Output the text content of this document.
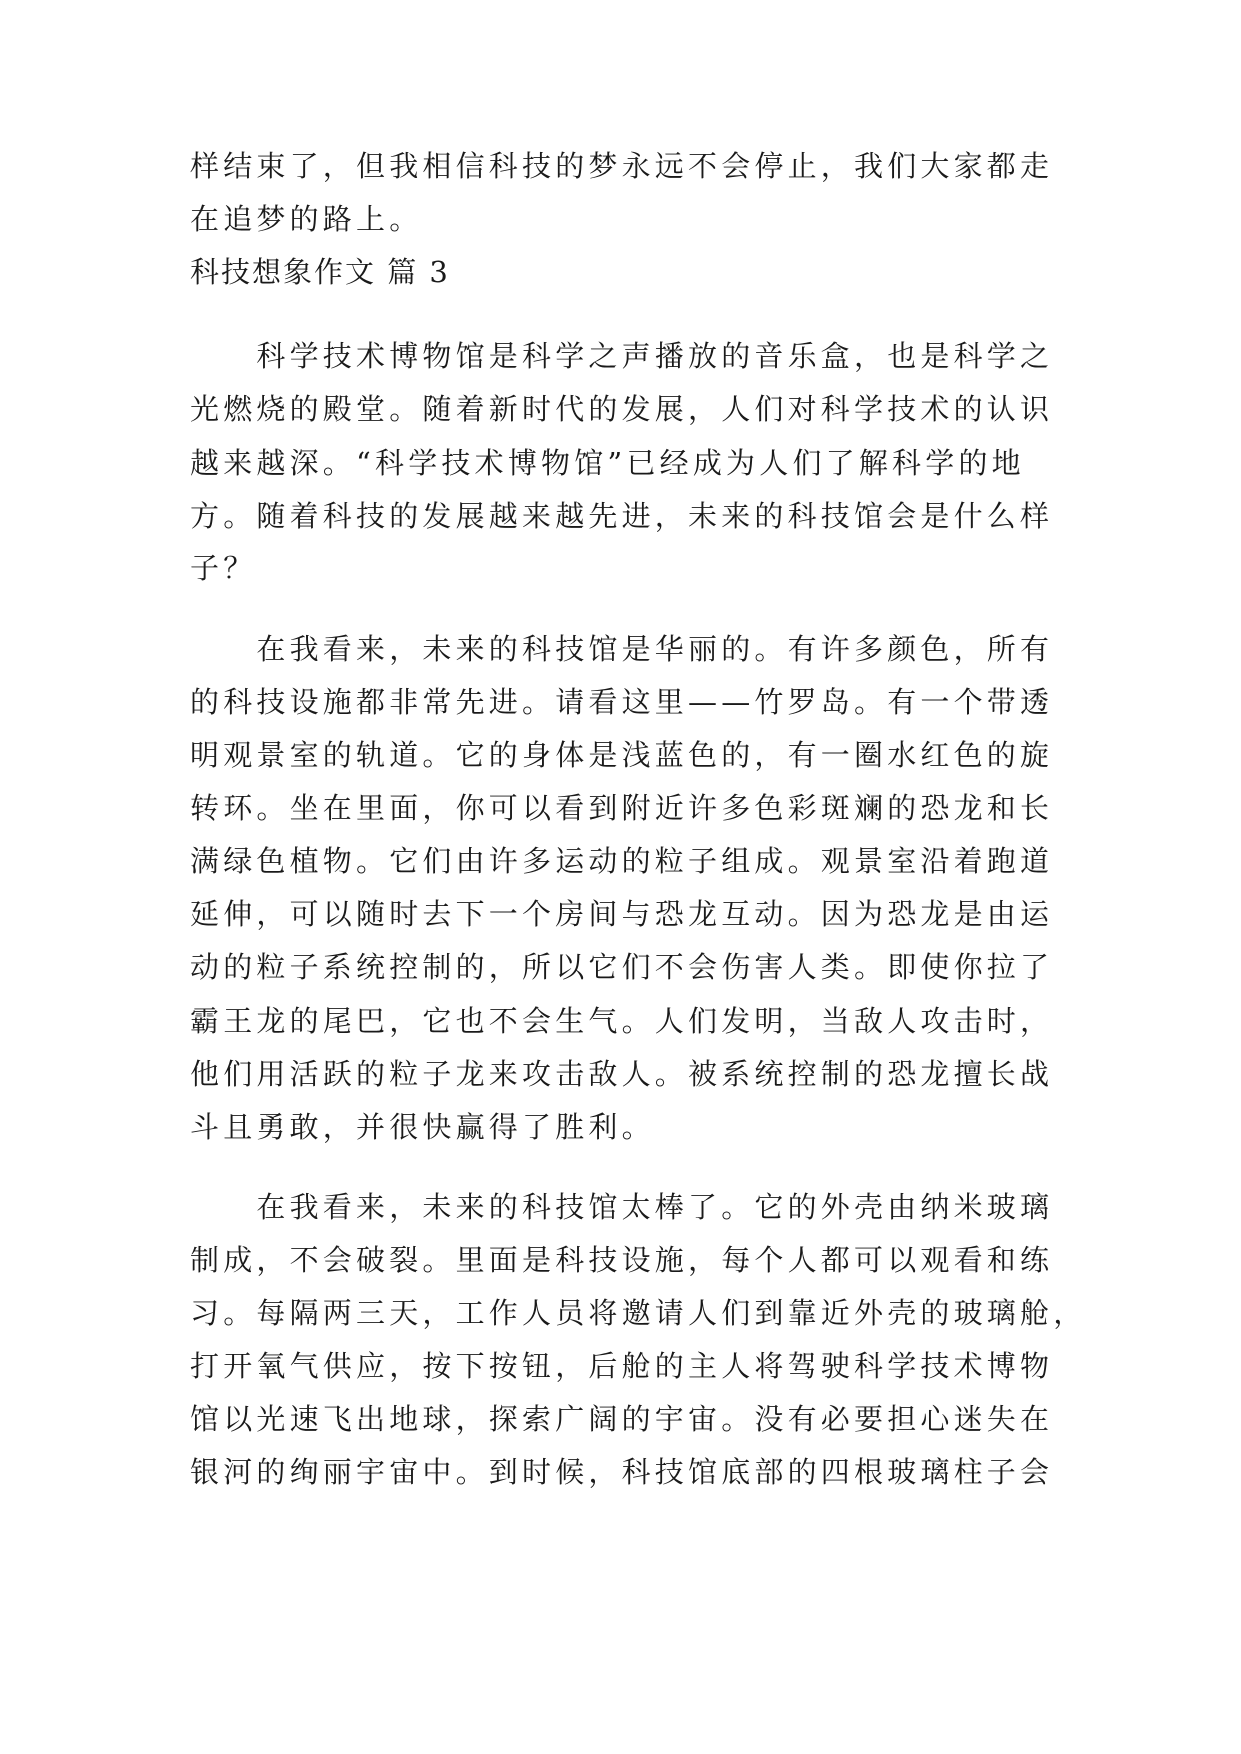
样结束了，但我相信科技的梦永远不会停止，我们大家都走
在追梦的路上。
科技想象作文 篇 3
　　科学技术博物馆是科学之声播放的音乐盒，也是科学之
光燃烧的殿堂。随着新时代的发展，人们对科学技术的认识
越来越深。“科学技术博物馆”已经成为人们了解科学的地
方。随着科技的发展越来越先进，未来的科技馆会是什么样
子？
　　在我看来，未来的科技馆是华丽的。有许多颜色，所有
的科技设施都非常先进。请看这里——竹罗岛。有一个带透
明观景室的轨道。它的身体是浅蓝色的，有一圈水红色的旋
转环。坐在里面，你可以看到附近许多色彩斑斓的恐龙和长
满绿色植物。它们由许多运动的粒子组成。观景室沿着跑道
延伸，可以随时去下一个房间与恐龙互动。因为恐龙是由运
动的粒子系统控制的，所以它们不会伤害人类。即使你拉了
霸王龙的尾巴，它也不会生气。人们发明，当敌人攻击时，
他们用活跃的粒子龙来攻击敌人。被系统控制的恐龙擅长战
斗且勇敢，并很快赢得了胜利。
　　在我看来，未来的科技馆太棒了。它的外壳由纳米玻璃
制成，不会破裂。里面是科技设施，每个人都可以观看和练
习。每隔两三天，工作人员将邀请人们到靠近外壳的玻璃舱，
打开氧气供应，按下按钮，后舱的主人将驾驶科学技术博物
馆以光速飞出地球，探索广阔的宇宙。没有必要担心迷失在
银河的绚丽宇宙中。到时候，科技馆底部的四根玻璃柱子会
